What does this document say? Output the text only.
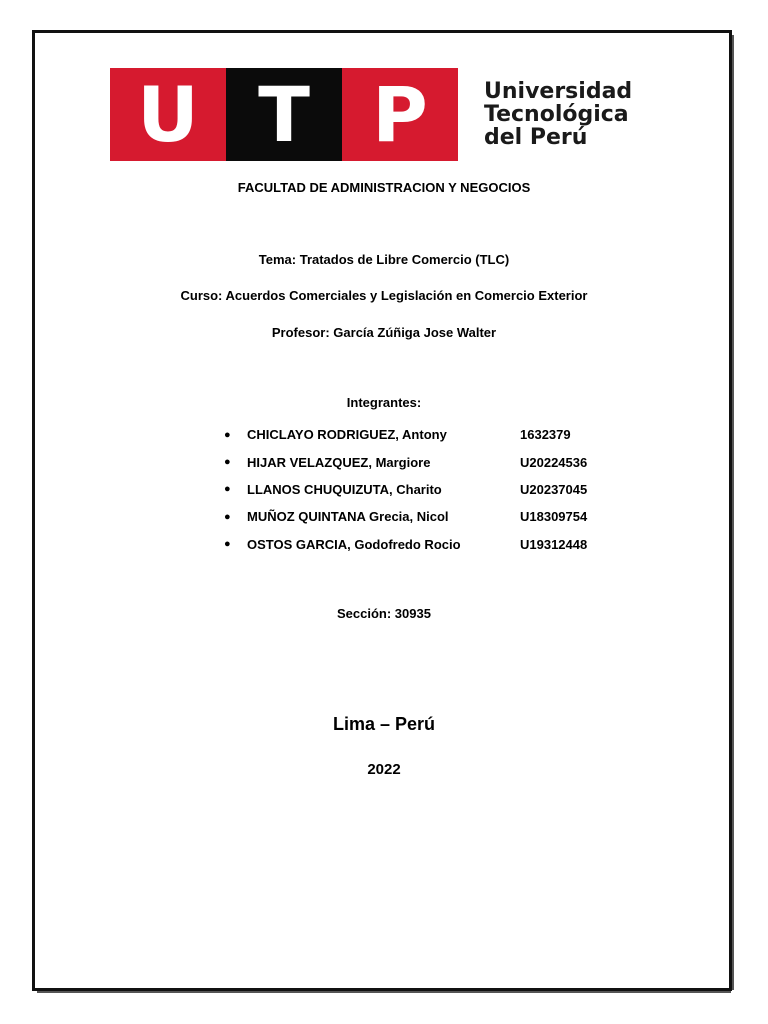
U T P	Universidad
Tecnológica
del Perú
FACULTAD DE ADMINISTRACION Y NEGOCIOS
Tema: Tratados de Libre Comercio (TLC)
Curso: Acuerdos Comerciales y Legislación en Comercio Exterior
Profesor: García Zúñiga Jose Walter
Integrantes:
●	CHICLAYO RODRIGUEZ, Antony	1632379
●	HIJAR VELAZQUEZ, Margiore	U20224536
●	LLANOS CHUQUIZUTA, Charito	U20237045
●	MUÑOZ QUINTANA Grecia, Nicol	U18309754
●	OSTOS GARCIA, Godofredo Rocio	U19312448
Sección: 30935
Lima – Perú
2022
